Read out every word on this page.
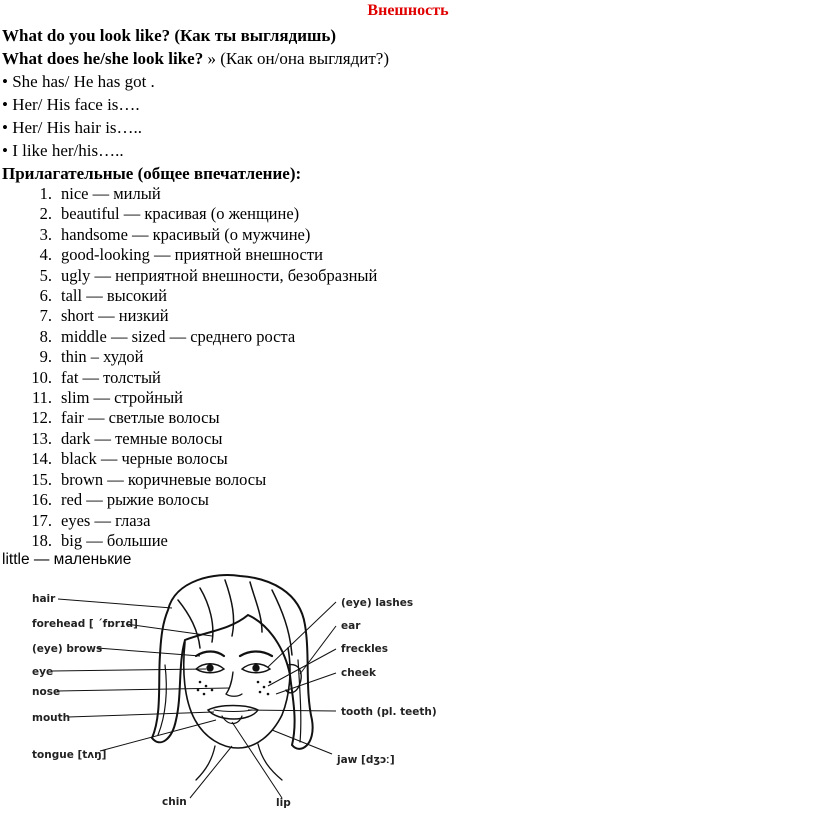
Внешность
What do you look like? (Как ты выглядишь)
What does he/she look like? » (Как он/она выглядит?)
• She has/ He has got .
• Her/ His face is….
• Her/ His hair is…..
• I like her/his…..
Прилагательные (общее впечатление):
1. nice — милый
2. beautiful — красивая (о женщине)
3. handsome — красивый (о мужчине)
4. good-looking — приятной внешности
5. ugly — неприятной внешности, безобразный
6. tall — высокий
7. short — низкий
8. middle — sized — среднего роста
9. thin – худой
10. fat — толстый
11. slim — стройный
12. fair — светлые волосы
13. dark — темные волосы
14. black — черные волосы
15. brown — коричневые волосы
16. red — рыжие волосы
17. eyes — глаза
18. big — большие
little — маленькие
hair
forehead [ ˊfɒrɪd]
(eye) brows
eye
nose
mouth
tongue [tʌŋ]
chin	lip
(eye) lashes
ear
freckles
cheek
tooth (pl. teeth)
jaw [dʒɔː]
